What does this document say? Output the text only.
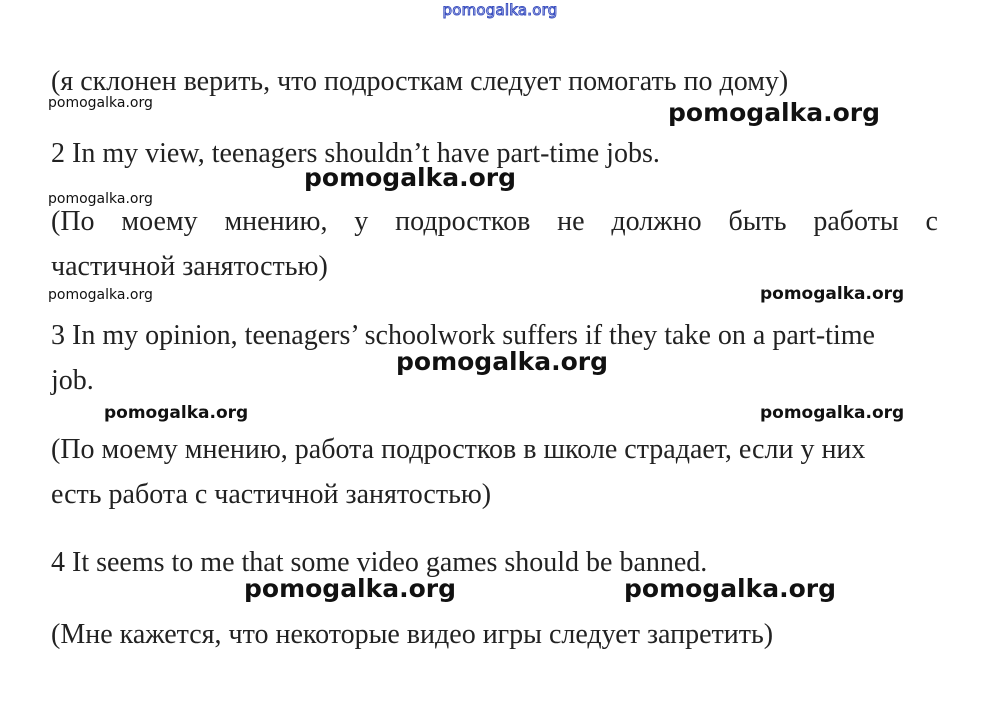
pomogalka.org
(я склонен верить, что подросткам следует помогать по дому)
2 In my view, teenagers shouldn’t have part-time jobs.
(По моему мнению, у подростков не должно быть работы с
частичной занятостью)
3 In my opinion, teenagers’ schoolwork suffers if they take on a part-time
job.
(По моему мнению, работа подростков в школе страдает, если у них
есть работа с частичной занятостью)
4 It seems to me that some video games should be banned.
(Мне кажется, что некоторые видео игры следует запретить)
pomogalka.org	pomogalka.org
pomogalka.org
pomogalka.org
pomogalka.org	pomogalka.org
pomogalka.org
pomogalka.org	pomogalka.org
pomogalka.org	pomogalka.org
